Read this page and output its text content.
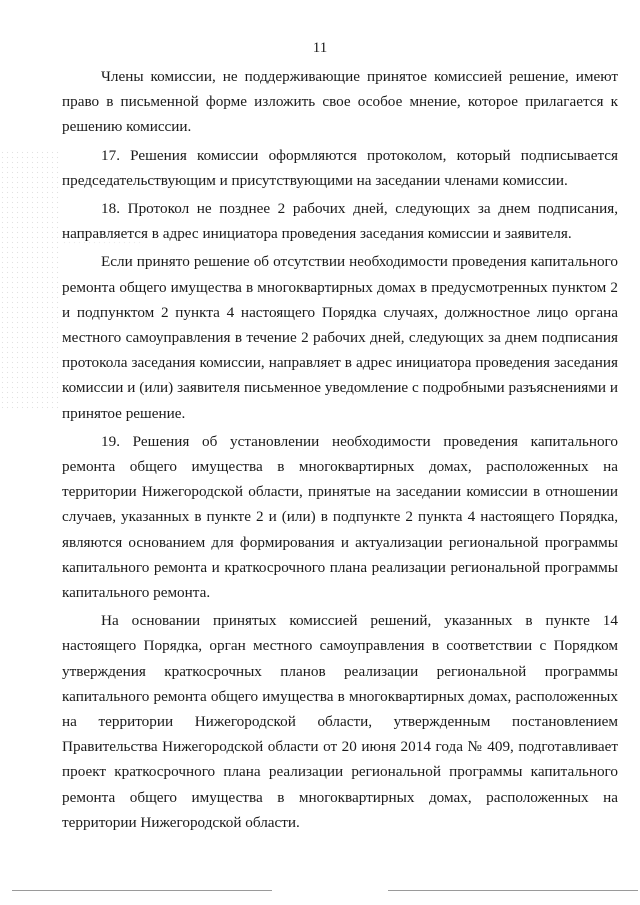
11

Члены комиссии, не поддерживающие принятое комиссией решение, имеют право в письменной форме изложить свое особое мнение, которое прилагается к решению комиссии.

17. Решения комиссии оформляются протоколом, который подписывается председательствующим и присутствующими на заседании членами комиссии.

18. Протокол не позднее 2 рабочих дней, следующих за днем подписания, направляется в адрес инициатора проведения заседания комиссии и заявителя.

Если принято решение об отсутствии необходимости проведения капитального ремонта общего имущества в многоквартирных домах в предусмотренных пунктом 2 и подпунктом 2 пункта 4 настоящего Порядка случаях, должностное лицо органа местного самоуправления в течение 2 рабочих дней, следующих за днем подписания протокола заседания комиссии, направляет в адрес инициатора проведения заседания комиссии и (или) заявителя письменное уведомление с подробными разъяснениями и принятое решение.

19. Решения об установлении необходимости проведения капитального ремонта общего имущества в многоквартирных домах, расположенных на территории Нижегородской области, принятые на заседании комиссии в отношении случаев, указанных в пункте 2 и (или) в подпункте 2 пункта 4 настоящего Порядка, являются основанием для формирования и актуализации региональной программы капитального ремонта и краткосрочного плана реализации региональной программы капитального ремонта.

На основании принятых комиссией решений, указанных в пункте 14 настоящего Порядка, орган местного самоуправления в соответствии с Порядком утверждения краткосрочных планов реализации региональной программы капитального ремонта общего имущества в многоквартирных домах, расположенных на территории Нижегородской области, утвержденным постановлением Правительства Нижегородской области от 20 июня 2014 года № 409, подготавливает проект краткосрочного плана реализации региональной программы капитального ремонта общего имущества в многоквартирных домах, расположенных на территории Нижегородской области.
